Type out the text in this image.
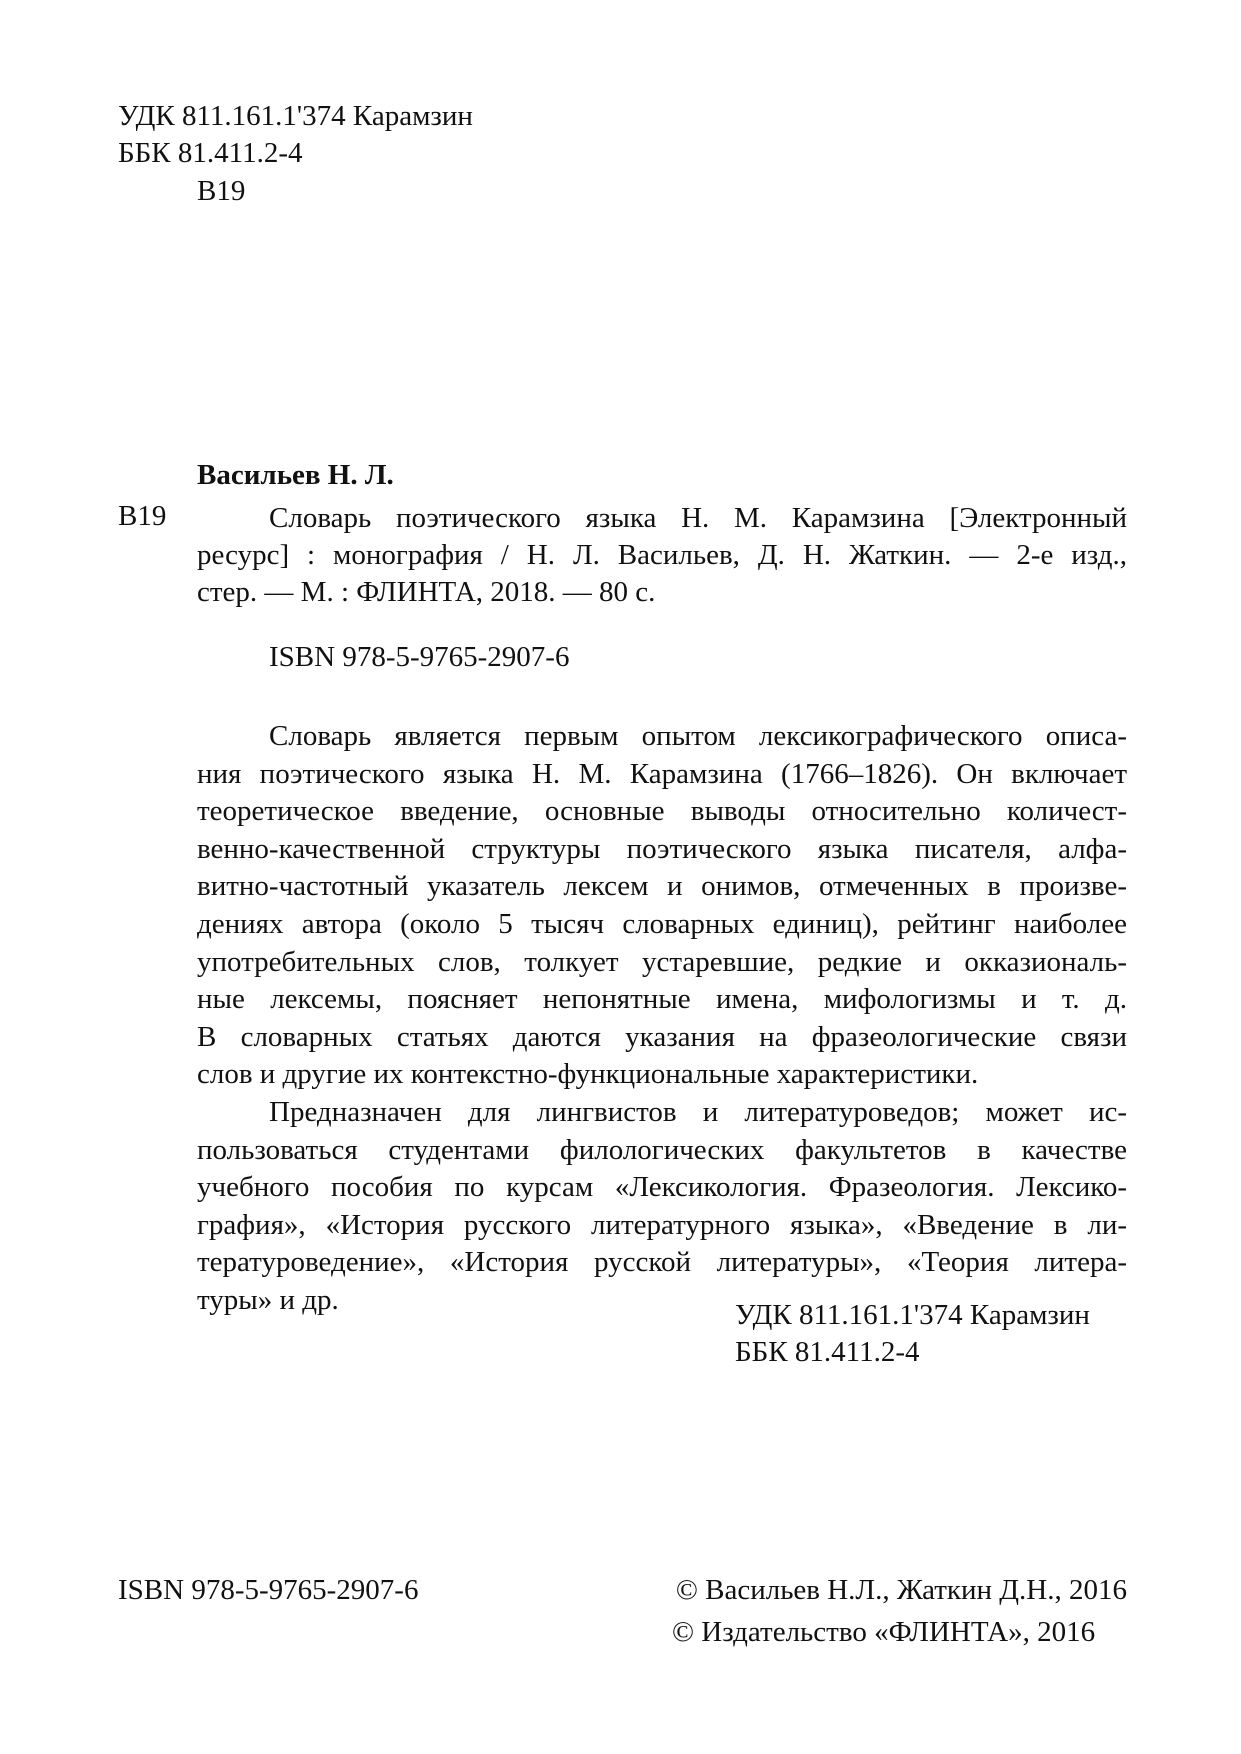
УДК 811.161.1'374 Карамзин
ББК 81.411.2-4
В19
Васильев Н. Л.
В19	Словарь поэтического языка Н. М. Карамзина [Электронный
ресурс] : монография / Н. Л. Васильев, Д. Н. Жаткин. — 2-е изд.,
стер. — М. : ФЛИНТА, 2018. — 80 с.
ISBN 978-5-9765-2907-6
Словарь является первым опытом лексикографического описа-
ния поэтического языка Н. М. Карамзина (1766–1826). Он включает
теоретическое введение, основные выводы относительно количест-
венно-качественной структуры поэтического языка писателя, алфа-
витно-частотный указатель лексем и онимов, отмеченных в произве-
дениях автора (около 5 тысяч словарных единиц), рейтинг наиболее
употребительных слов, толкует устаревшие, редкие и окказиональ-
ные лексемы, поясняет непонятные имена, мифологизмы и т. д.
В словарных статьях даются указания на фразеологические связи
слов и другие их контекстно-функциональные характеристики.
Предназначен для лингвистов и литературоведов; может ис-
пользоваться студентами филологических факультетов в качестве
учебного пособия по курсам «Лексикология. Фразеология. Лексико-
графия», «История русского литературного языка», «Введение в ли-
тературоведение», «История русской литературы», «Теория литера-
туры» и др.	УДК 811.161.1'374 Карамзин
ББК 81.411.2-4
ISBN 978-5-9765-2907-6	© Васильев Н.Л., Жаткин Д.Н., 2016
© Издательство «ФЛИНТА», 2016
